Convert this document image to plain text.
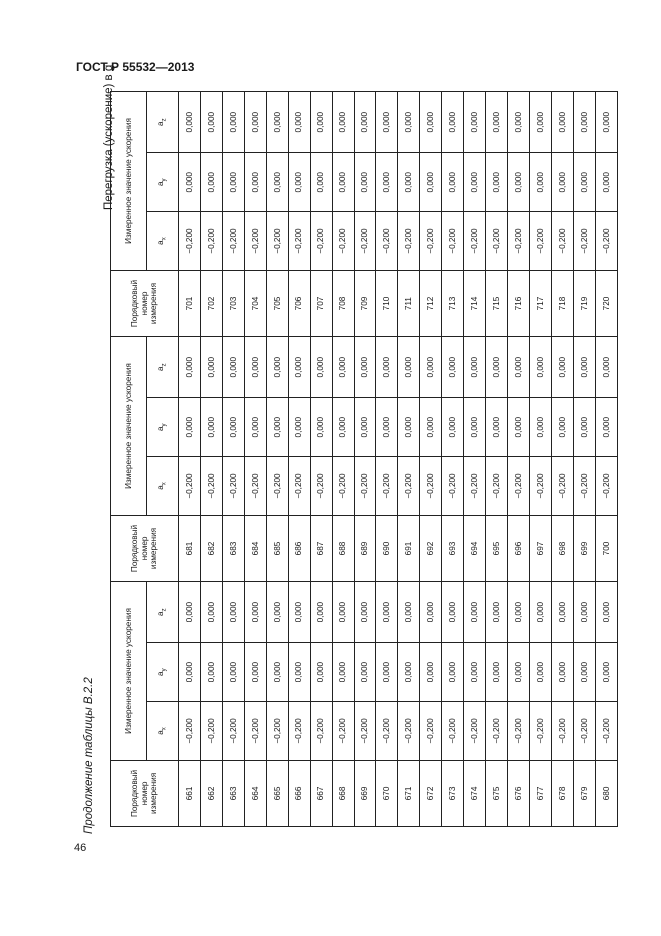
ГОСТ Р 55532—2013
Продолжение таблицы B.2.2
Перегрузка (ускорение) в g
46
Порядковый номер измерения	Измеренное значение ускорения			Порядковый номер измерения	Измеренное значение ускорения			Порядковый номер измерения	Измеренное значение ускорения		
	$a_x$	$a_y$	$a_z$		$a_x$	$a_y$	$a_z$		$a_x$	$a_y$	$a_z$
661	−0,200	0,000	0,000	681	−0,200	0,000	0,000	701	−0,200	0,000	0,000
662	−0,200	0,000	0,000	682	−0,200	0,000	0,000	702	−0,200	0,000	0,000
663	−0,200	0,000	0,000	683	−0,200	0,000	0,000	703	−0,200	0,000	0,000
664	−0,200	0,000	0,000	684	−0,200	0,000	0,000	704	−0,200	0,000	0,000
665	−0,200	0,000	0,000	685	−0,200	0,000	0,000	705	−0,200	0,000	0,000
666	−0,200	0,000	0,000	686	−0,200	0,000	0,000	706	−0,200	0,000	0,000
667	−0,200	0,000	0,000	687	−0,200	0,000	0,000	707	−0,200	0,000	0,000
668	−0,200	0,000	0,000	688	−0,200	0,000	0,000	708	−0,200	0,000	0,000
669	−0,200	0,000	0,000	689	−0,200	0,000	0,000	709	−0,200	0,000	0,000
670	−0,200	0,000	0,000	690	−0,200	0,000	0,000	710	−0,200	0,000	0,000
671	−0,200	0,000	0,000	691	−0,200	0,000	0,000	711	−0,200	0,000	0,000
672	−0,200	0,000	0,000	692	−0,200	0,000	0,000	712	−0,200	0,000	0,000
673	−0,200	0,000	0,000	693	−0,200	0,000	0,000	713	−0,200	0,000	0,000
674	−0,200	0,000	0,000	694	−0,200	0,000	0,000	714	−0,200	0,000	0,000
675	−0,200	0,000	0,000	695	−0,200	0,000	0,000	715	−0,200	0,000	0,000
676	−0,200	0,000	0,000	696	−0,200	0,000	0,000	716	−0,200	0,000	0,000
677	−0,200	0,000	0,000	697	−0,200	0,000	0,000	717	−0,200	0,000	0,000
678	−0,200	0,000	0,000	698	−0,200	0,000	0,000	718	−0,200	0,000	0,000
679	−0,200	0,000	0,000	699	−0,200	0,000	0,000	719	−0,200	0,000	0,000
680	−0,200	0,000	0,000	700	−0,200	0,000	0,000	720	−0,200	0,000	0,000
